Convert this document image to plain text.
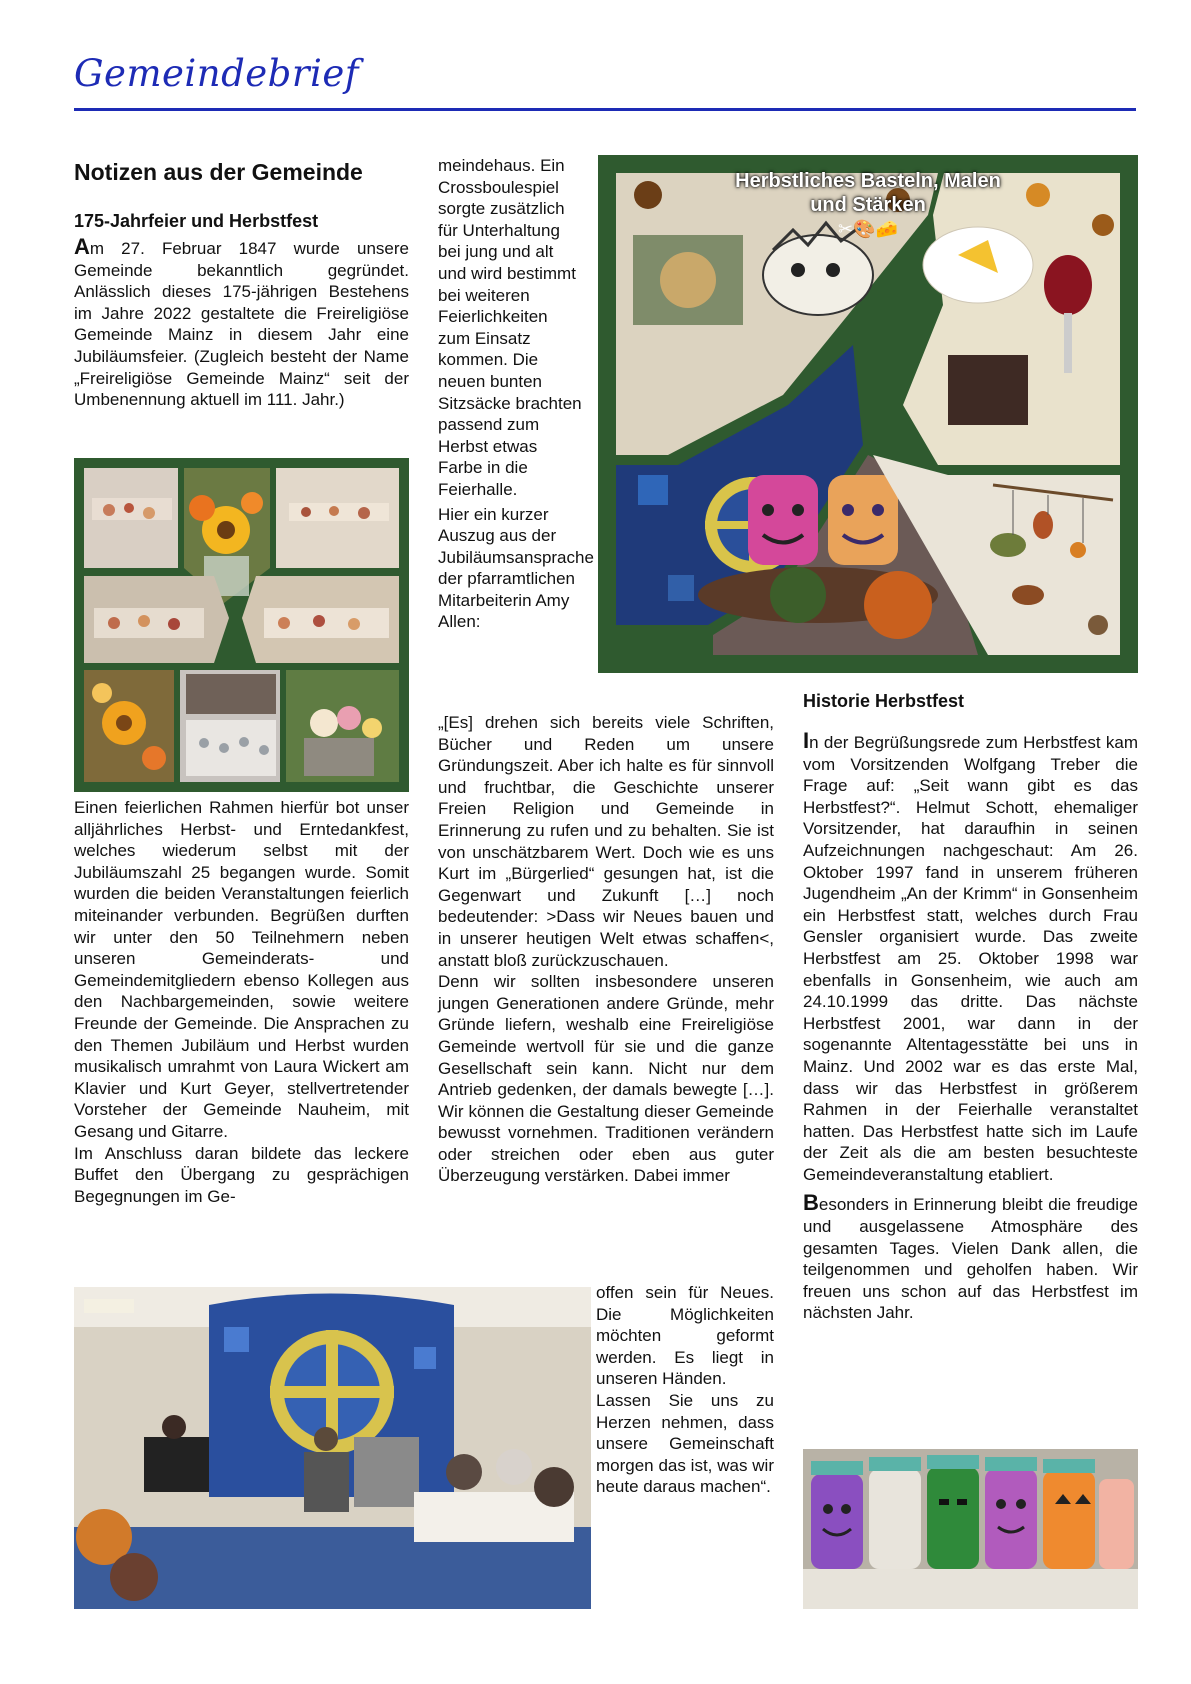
Gemeindebrief
Notizen aus der Gemeinde
175-Jahrfeier und Herbstfest

Am 27. Februar 1847 wurde unsere Gemeinde bekanntlich gegründet. Anlässlich dieses 175-jährigen Bestehens im Jahre 2022 gestaltete die Freireligiöse Gemeinde Mainz in diesem Jahr eine Jubiläumsfeier. (Zugleich besteht der Name „Freireligiöse Gemeinde Mainz“ seit der Umbenennung aktuell im 111. Jahr.)

Einen feierlichen Rahmen hierfür bot unser alljährliches Herbst- und Erntedankfest, welches wiederum selbst mit der Jubiläumszahl 25 begangen wurde. Somit wurden die beiden Veranstaltungen feierlich miteinander verbunden. Begrüßen durften wir unter den 50 Teilnehmern neben unseren Gemeinderats- und Gemeindemitgliedern ebenso Kollegen aus den Nachbargemeinden, sowie weitere Freunde der Gemeinde. Die Ansprachen zu den Themen Jubiläum und Herbst wurden musikalisch umrahmt von Laura Wickert am Klavier und Kurt Geyer, stellvertretender Vorsteher der Gemeinde Nauheim, mit Gesang und Gitarre.

Im Anschluss daran bildete das leckere Buffet den Übergang zu gesprächigen Begegnungen im Ge-

meindehaus. Ein Crossboulespiel sorgte zusätzlich für Unterhaltung bei jung und alt und wird bestimmt bei weiteren Feierlichkeiten zum Einsatz kommen. Die neuen bunten Sitzsäcke brachten passend zum Herbst etwas Farbe in die Feierhalle.

Hier ein kurzer Auszug aus der Jubiläumsansprache der pfarramtlichen Mitarbeiterin Amy Allen:

„[Es] drehen sich bereits viele Schriften, Bücher und Reden um unsere Gründungszeit. Aber ich halte es für sinnvoll und fruchtbar, die Geschichte unserer Freien Religion und Gemeinde in Erinnerung zu rufen und zu behalten. Sie ist von unschätzbarem Wert. Doch wie es uns Kurt im „Bürgerlied“ gesungen hat, ist die Gegenwart und Zukunft […] noch bedeutender: >Dass wir Neues bauen und in unserer heutigen Welt etwas schaffen<, anstatt bloß zurückzuschauen.

Denn wir sollten insbesondere unseren jungen Generationen andere Gründe, mehr Gründe liefern, weshalb eine Freireligiöse Gemeinde wertvoll für sie und die ganze Gesellschaft sein kann. Nicht nur dem Antrieb gedenken, der damals bewegte […]. Wir können die Gestaltung dieser Gemeinde bewusst vornehmen. Traditionen verändern oder streichen oder eben aus guter Überzeugung verstärken. Dabei immer

Herbstliches Basteln, Malen
und Stärken
✂🎨🧀
Historie Herbstfest

In der Begrüßungsrede zum Herbstfest kam vom Vorsitzenden Wolfgang Treber die Frage auf: „Seit wann gibt es das Herbstfest?“. Helmut Schott, ehemaliger Vorsitzender, hat daraufhin in seinen Aufzeichnungen nachgeschaut: Am 26. Oktober 1997 fand in unserem früheren Jugendheim „An der Krimm“ in Gonsenheim ein Herbstfest statt, welches durch Frau Gensler organisiert wurde. Das zweite Herbstfest am 25. Oktober 1998 war ebenfalls in Gonsenheim, wie auch am 24.10.1999 das dritte. Das nächste Herbstfest 2001, war dann in der sogenannte Altentagesstätte bei uns in Mainz. Und 2002 war es das erste Mal, dass wir das Herbstfest in größerem Rahmen in der Feierhalle veranstaltet hatten. Das Herbstfest hatte sich im Laufe der Zeit als die am besten besuchteste Gemeindeveranstaltung etabliert.

Besonders in Erinnerung bleibt die freudige und ausgelassene Atmosphäre des gesamten Tages. Vielen Dank allen, die teilgenommen und geholfen haben. Wir freuen uns schon auf das Herbstfest im nächsten Jahr.

offen sein für Neues. Die Möglichkeiten möchten geformt werden. Es liegt in unseren Händen.

Lassen Sie uns zu Herzen nehmen, dass unsere Gemeinschaft morgen das ist, was wir heute daraus machen“.
